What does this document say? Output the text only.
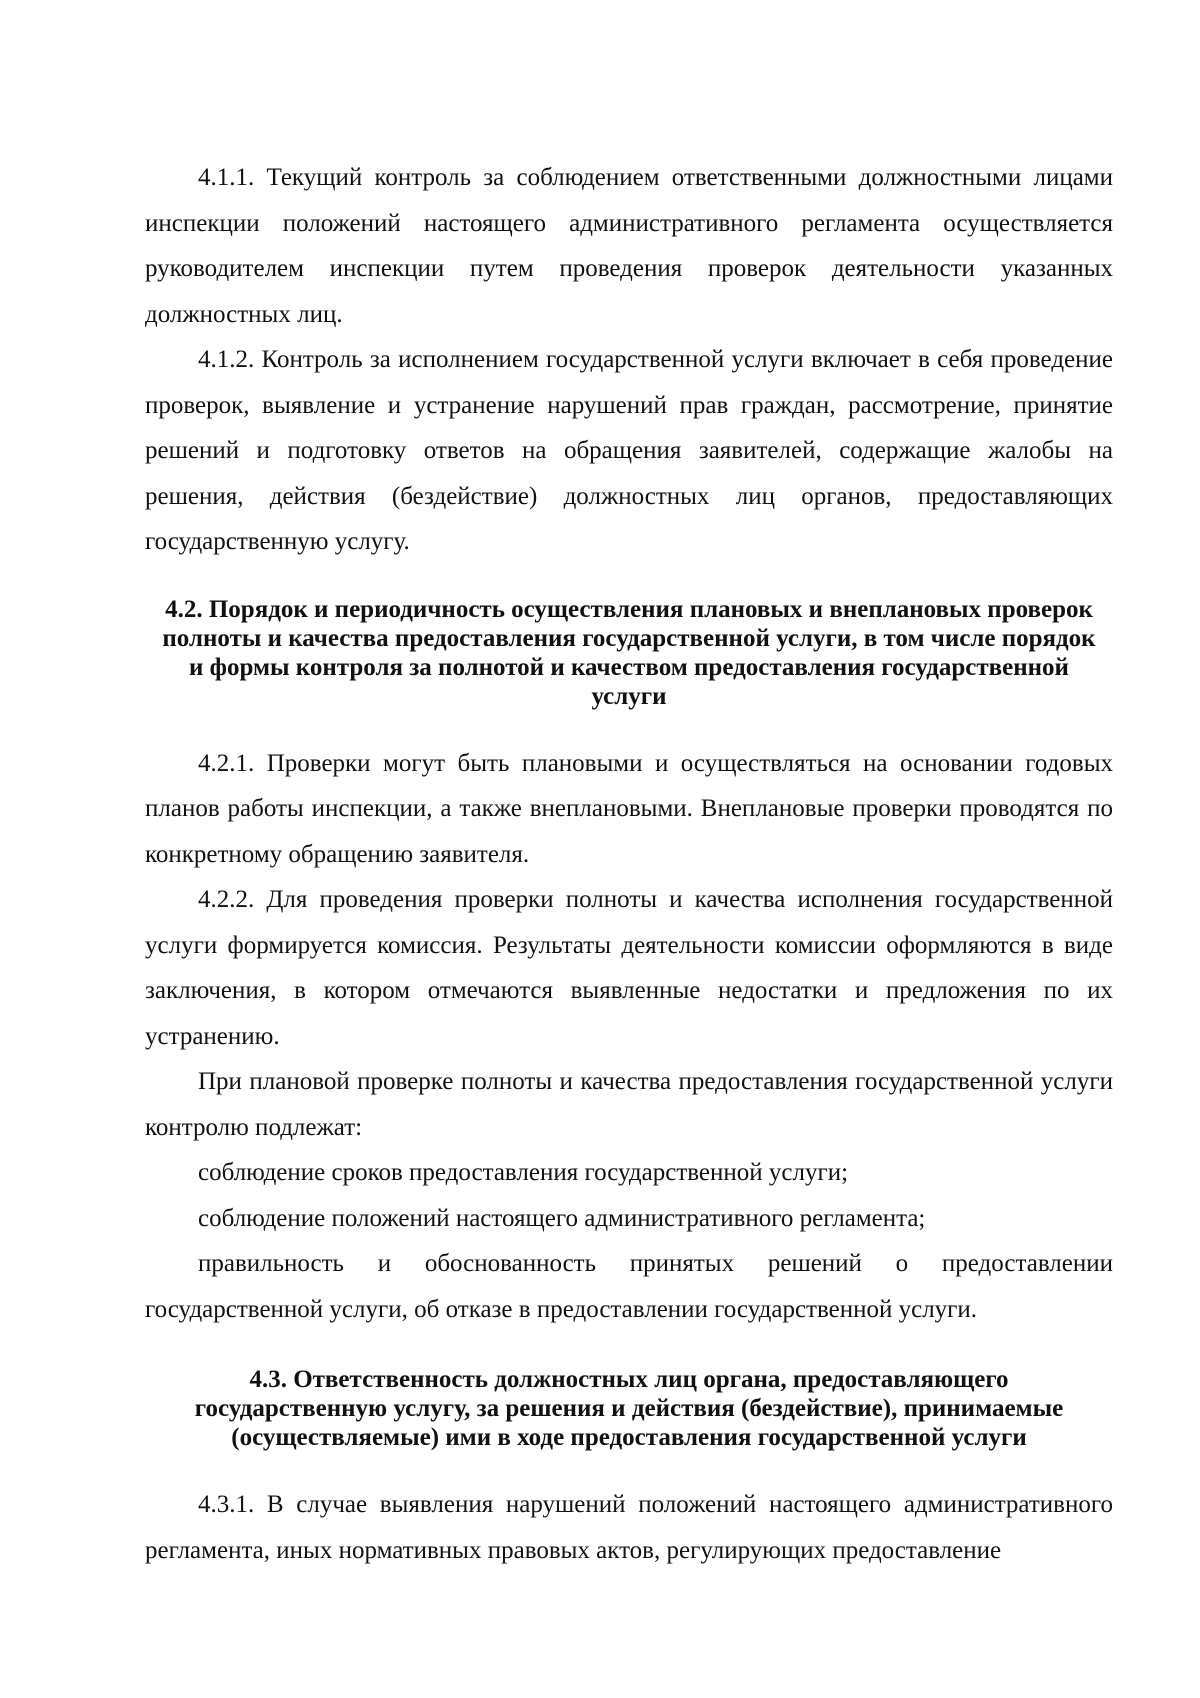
4.1.1. Текущий контроль за соблюдением ответственными должностными лицами инспекции положений настоящего административного регламента осуществляется руководителем инспекции путем проведения проверок деятельности указанных должностных лиц.

4.1.2. Контроль за исполнением государственной услуги включает в себя проведение проверок, выявление и устранение нарушений прав граждан, рассмотрение, принятие решений и подготовку ответов на обращения заявителей, содержащие жалобы на решения, действия (бездействие) должностных лиц органов, предоставляющих государственную услугу.

4.2. Порядок и периодичность осуществления плановых и внеплановых проверок полноты и качества предоставления государственной услуги, в том числе порядок и формы контроля за полнотой и качеством предоставления государственной услуги

4.2.1. Проверки могут быть плановыми и осуществляться на основании годовых планов работы инспекции, а также внеплановыми. Внеплановые проверки проводятся по конкретному обращению заявителя.

4.2.2. Для проведения проверки полноты и качества исполнения государственной услуги формируется комиссия. Результаты деятельности комиссии оформляются в виде заключения, в котором отмечаются выявленные недостатки и предложения по их устранению.

При плановой проверке полноты и качества предоставления государственной услуги контролю подлежат:

соблюдение сроков предоставления государственной услуги;

соблюдение положений настоящего административного регламента;

правильность и обоснованность принятых решений о предоставлении государственной услуги, об отказе в предоставлении государственной услуги.

4.3. Ответственность должностных лиц органа, предоставляющего государственную услугу, за решения и действия (бездействие), принимаемые (осуществляемые) ими в ходе предоставления государственной услуги

4.3.1. В случае выявления нарушений положений настоящего административного регламента, иных нормативных правовых актов, регулирующих предоставление
